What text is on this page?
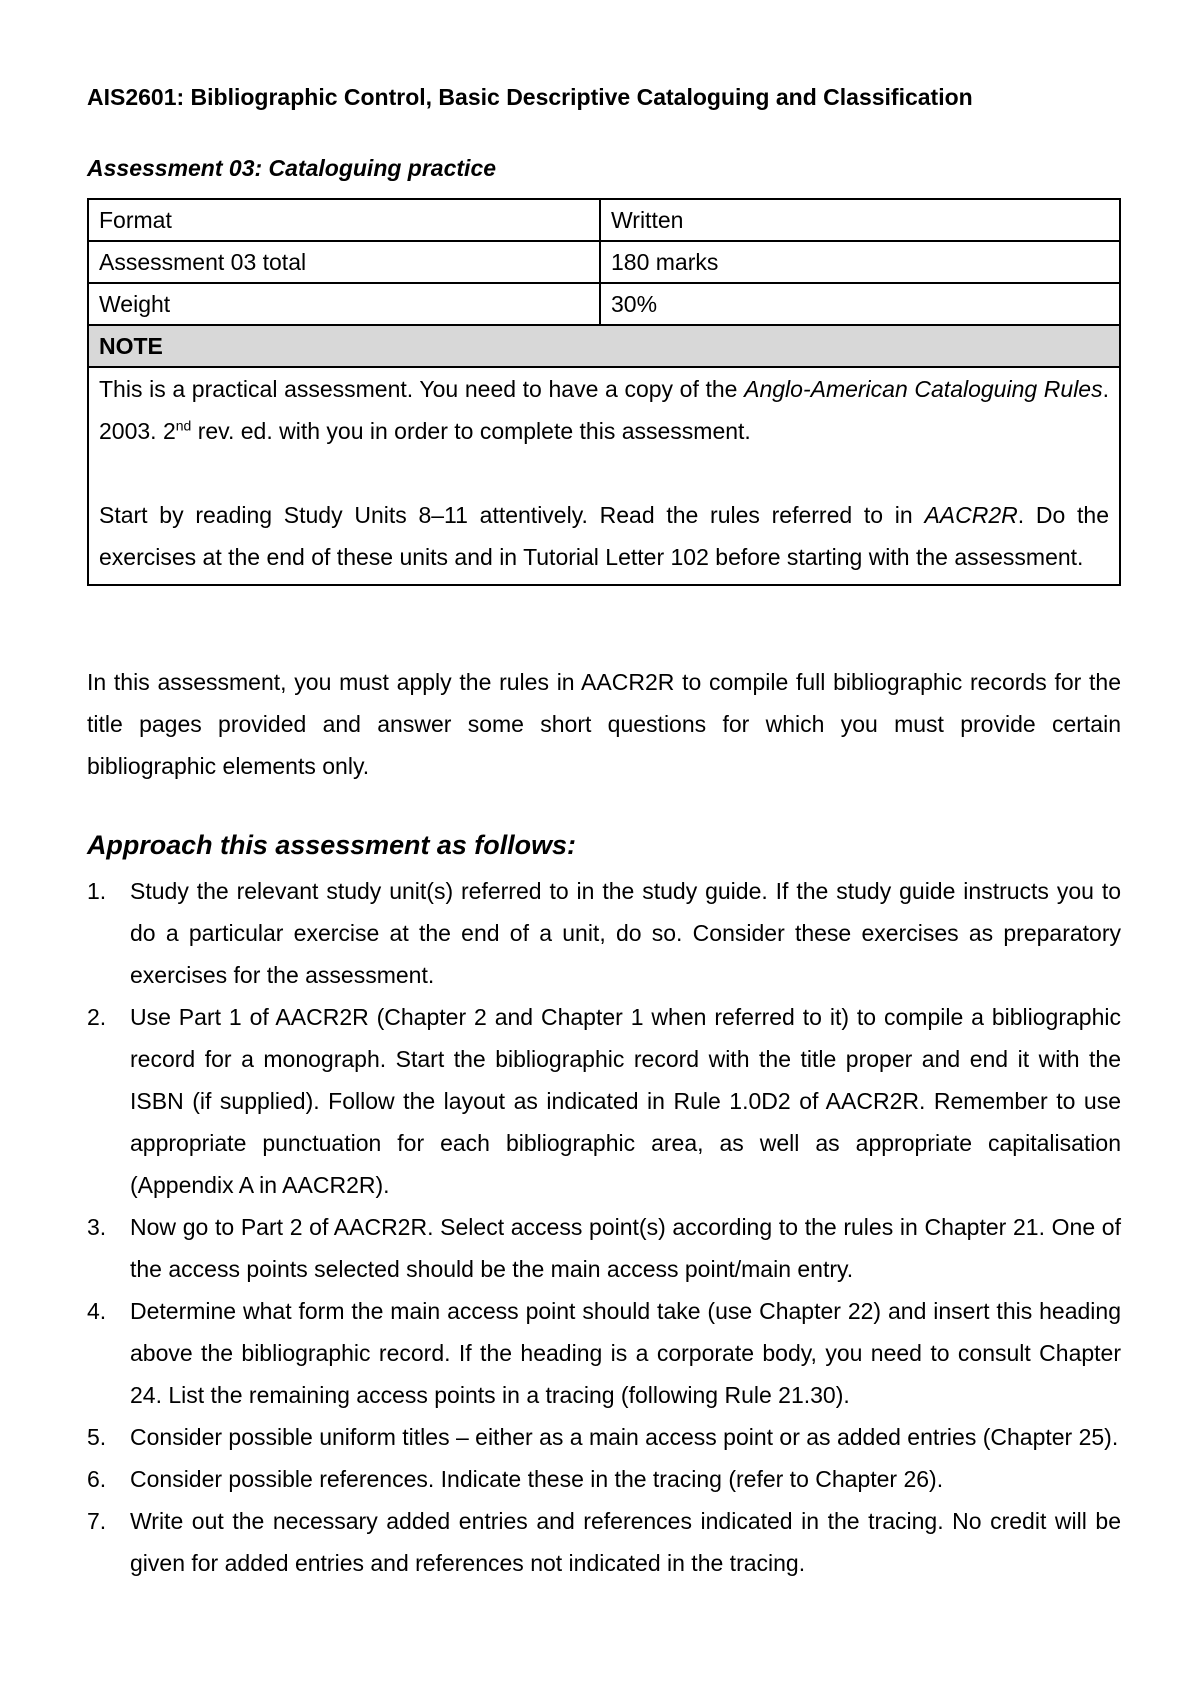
AIS2601: Bibliographic Control, Basic Descriptive Cataloguing and Classification
Assessment 03: Cataloguing practice
Format	Written
Assessment 03 total	180 marks
Weight	30%
NOTE

This is a practical assessment. You need to have a copy of the Anglo-American Cataloguing Rules. 2003. 2nd rev. ed. with you in order to complete this assessment.

Start by reading Study Units 8–11 attentively. Read the rules referred to in AACR2R. Do the exercises at the end of these units and in Tutorial Letter 102 before starting with the assessment.

In this assessment, you must apply the rules in AACR2R to compile full bibliographic records for the title pages provided and answer some short questions for which you must provide certain bibliographic elements only.

Approach this assessment as follows:
1.	Study the relevant study unit(s) referred to in the study guide. If the study guide instructs you to do a particular exercise at the end of a unit, do so. Consider these exercises as preparatory exercises for the assessment.
2.	Use Part 1 of AACR2R (Chapter 2 and Chapter 1 when referred to it) to compile a bibliographic record for a monograph. Start the bibliographic record with the title proper and end it with the ISBN (if supplied). Follow the layout as indicated in Rule 1.0D2 of AACR2R. Remember to use appropriate punctuation for each bibliographic area, as well as appropriate capitalisation (Appendix A in AACR2R).
3.	Now go to Part 2 of AACR2R. Select access point(s) according to the rules in Chapter 21. One of the access points selected should be the main access point/main entry.
4.	Determine what form the main access point should take (use Chapter 22) and insert this heading above the bibliographic record. If the heading is a corporate body, you need to consult Chapter 24. List the remaining access points in a tracing (following Rule 21.30).
5.	Consider possible uniform titles – either as a main access point or as added entries (Chapter 25).
6.	Consider possible references. Indicate these in the tracing (refer to Chapter 26).
7.	Write out the necessary added entries and references indicated in the tracing. No credit will be given for added entries and references not indicated in the tracing.
